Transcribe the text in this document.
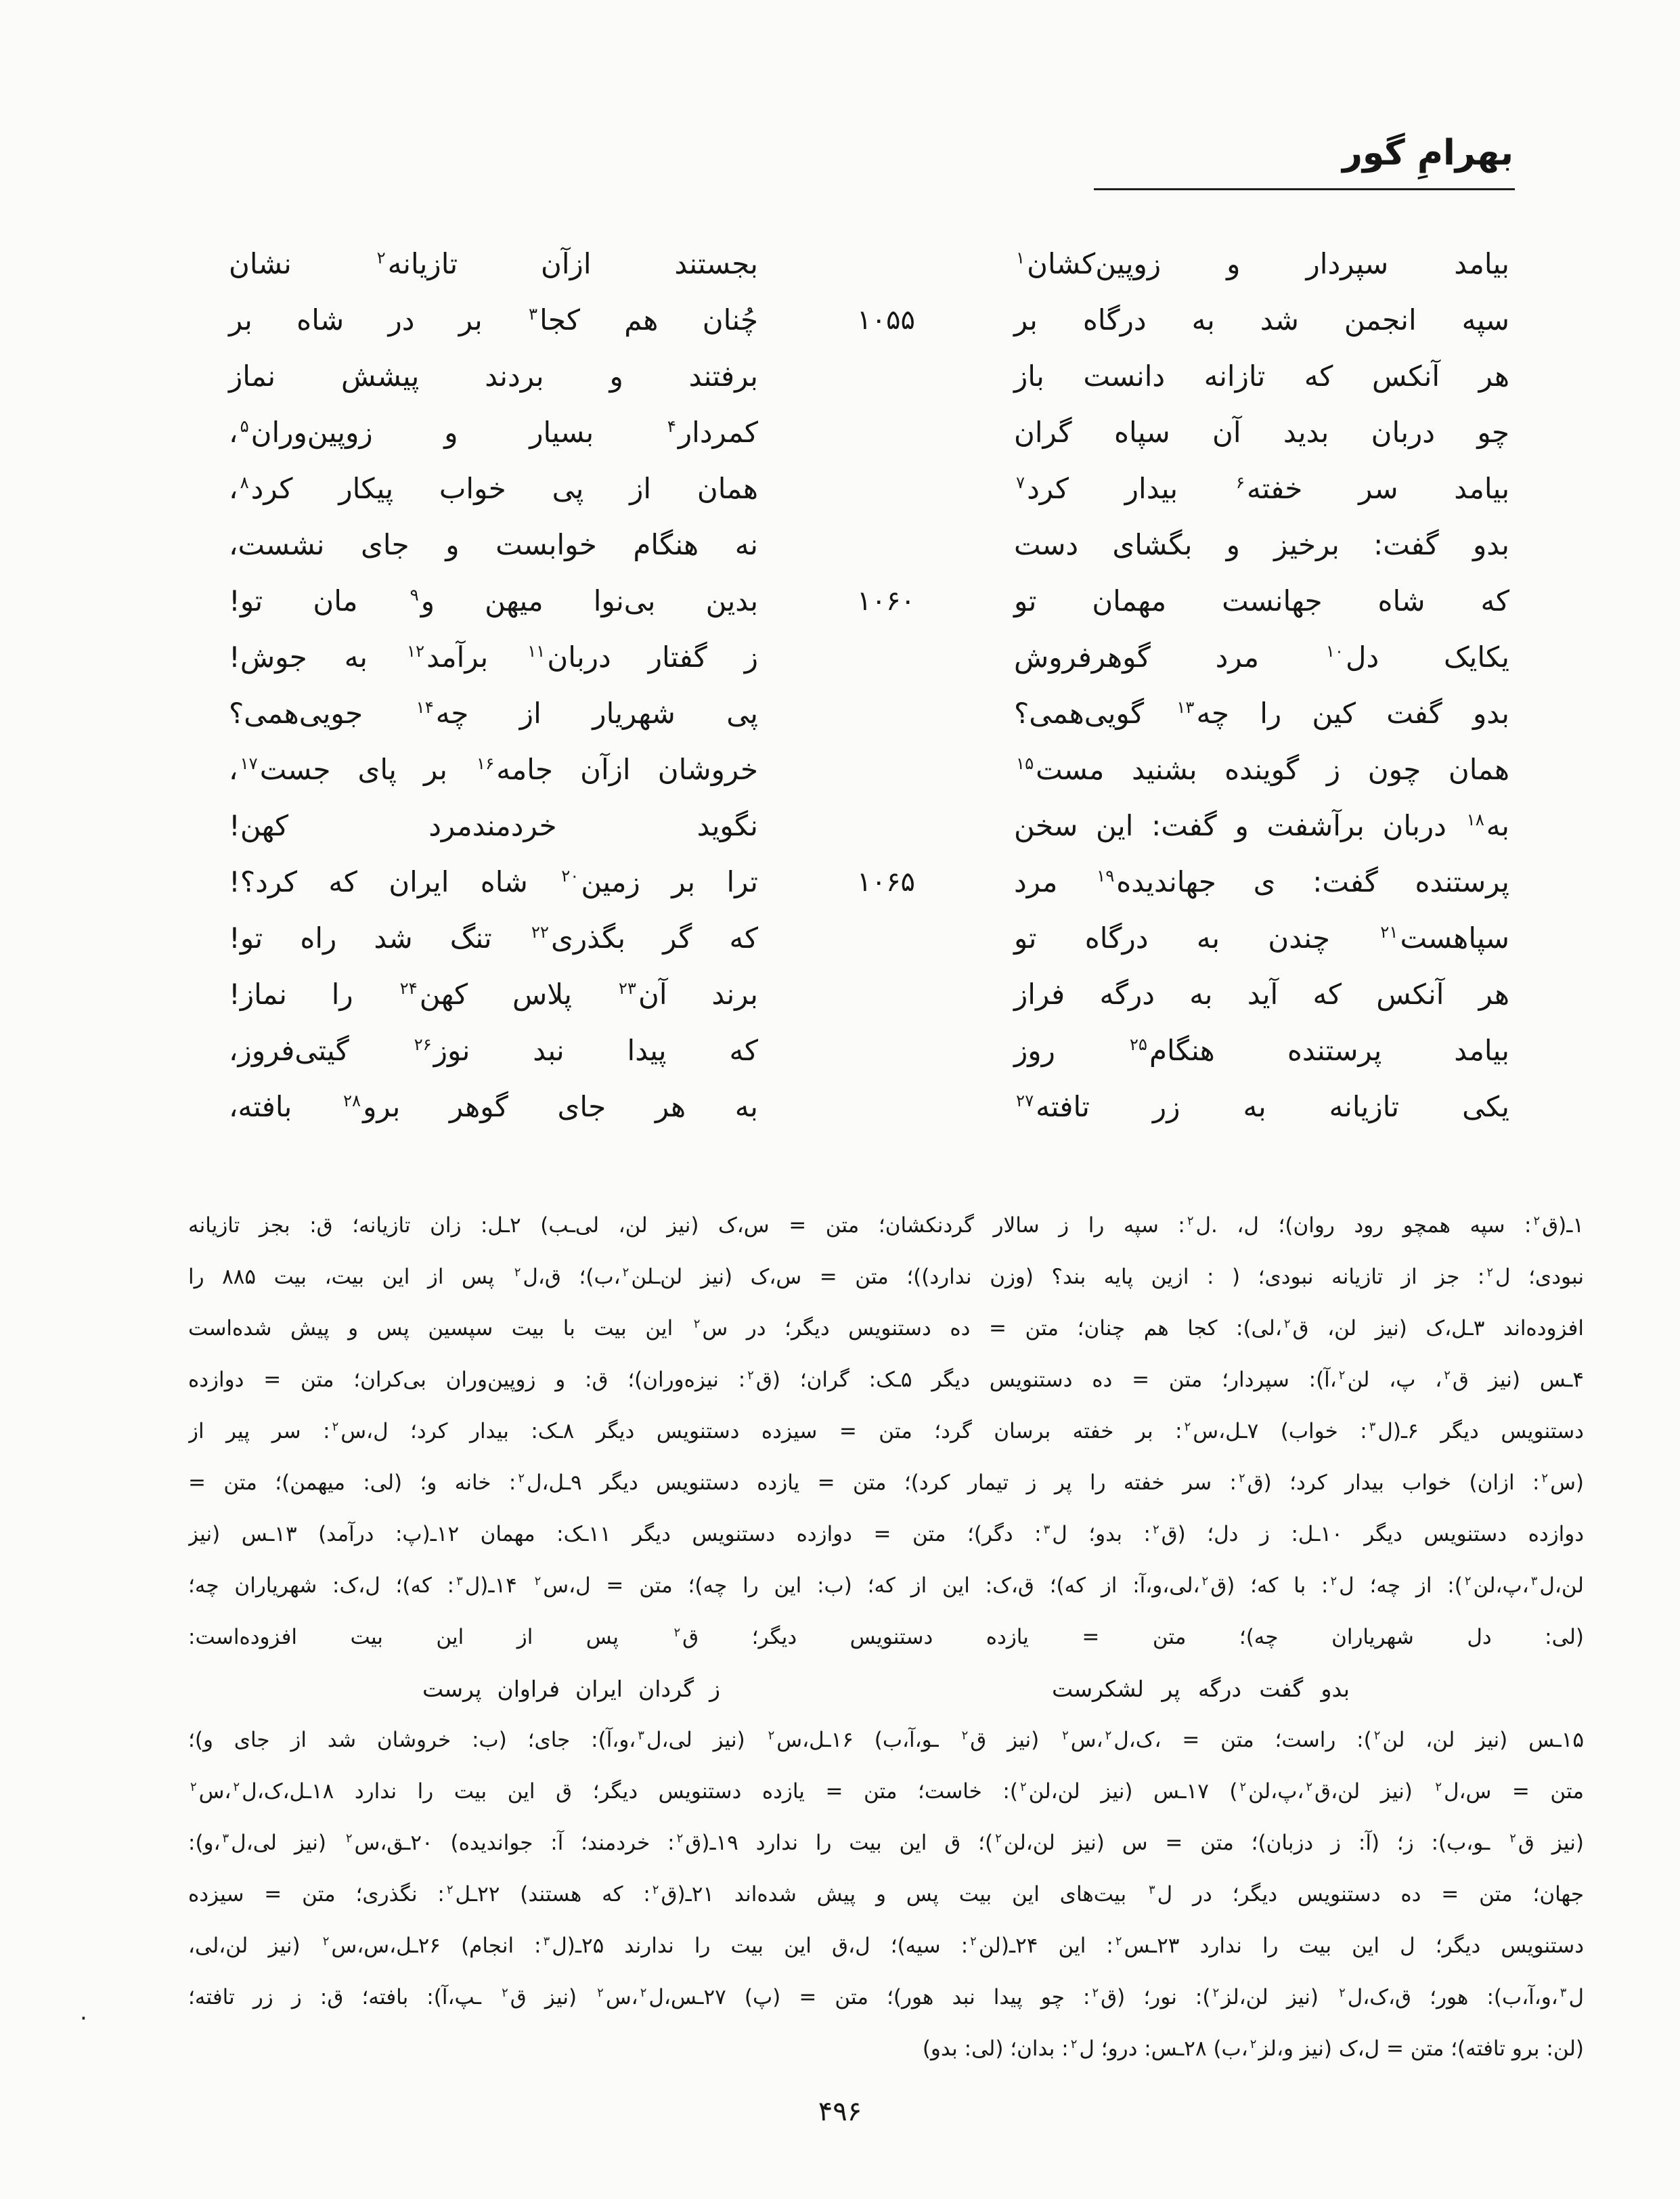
بهرامِ گور
بیامد سپردار و زوپین‌کشان$^۱$
بجستند ازآن تازیانه$^۲$ نشان
سپه انجمن شد به درگاه بر
۱۰۵۵
چُنان هم کجا$^۳$ بر در شاه بر
هر آنکس که تازانه دانست باز
برفتند و بردند پیشش نماز
چو دربان بدید آن سپاه گران
کمردار$^۴$ بسیار و زوپین‌وران$^۵$،
بیامد سر خفته$^۶$ بیدار کرد$^۷$
همان از پی خواب پیکار کرد$^۸$،
بدو گفت: برخیز و بگشای دست
نه هنگام خوابست و جای نشست،
که شاه جهانست مهمان تو
۱۰۶۰
بدین بی‌نوا میهن و$^۹$ مان تو!
یکایک دل$^{۱۰}$ مرد گوهرفروش
ز گفتار دربان$^{۱۱}$ برآمد$^{۱۲}$ به جوش!
بدو گفت کین را چه$^{۱۳}$ گویی‌همی؟
پی شهریار از چه$^{۱۴}$ جویی‌همی؟
همان چون ز گوینده بشنید مست$^{۱۵}$
خروشان ازآن جامه$^{۱۶}$ بر پای جست$^{۱۷}$،
به$^{۱۸}$ دربان برآشفت و گفت: این سخن
نگوید خردمندمرد کهن!
پرستنده گفت: ی جهاندیده$^{۱۹}$ مرد
۱۰۶۵
ترا بر زمین$^{۲۰}$ شاه ایران که کرد؟!
سپاهست$^{۲۱}$ چندن به درگاه تو
که گر بگذری$^{۲۲}$ تنگ شد راه تو!
هر آنکس که آید به درگه فراز
برند آن$^{۲۳}$ پلاس کهن$^{۲۴}$ را نماز!
بیامد پرستنده هنگام$^{۲۵}$ روز
که پیدا نبد نوز$^{۲۶}$ گیتی‌فروز،
یکی تازیانه به زر تافته$^{۲۷}$
به هر جای گوهر برو$^{۲۸}$ بافته،
۱ـ(ق$^۲$: سپه همچو رود روان)؛ ل، .ل$^۲$: سپه را ز سالار گردنکشان؛ متن = س،ک (نیز لن، لی‌ـب) ۲ـل: زان تازیانه؛ ق: بجز تازیانه
نبودی؛ ل$^۲$: جز از تازیانه نبودی؛ ( : ازین پایه بند؟ (وزن ندارد))؛ متن = س،ک (نیز لن‌ـلن$^۲$،ب)؛ ق،ل$^۲$ پس از این بیت، بیت ۸۸۵ را
افزوده‌اند ۳ـل،ک (نیز لن، ق$^۲$،لی): کجا هم چنان؛ متن = ده دستنویس دیگر؛ در س$^۲$ این بیت با بیت سپسین پس و پیش شده‌است
۴ـس (نیز ق$^۲$، پ، لن$^۲$،آ): سپردار؛ متن = ده دستنویس دیگر ۵ـک: گران؛ (ق$^۲$: نیزه‌وران)؛ ق: و زوپین‌وران بی‌کران؛ متن = دوازده
دستنویس دیگر ۶ـ(ل$^۳$: خواب) ۷ـل،س$^۲$: بر خفته برسان گرد؛ متن = سیزده دستنویس دیگر ۸ـک: بیدار کرد؛ ل،س$^۲$: سر پیر از
(س$^۲$: ازان) خواب بیدار کرد؛ (ق$^۲$: سر خفته را پر ز تیمار کرد)؛ متن = یازده دستنویس دیگر ۹ـل،ل$^۲$: خانه و؛ (لی: میهمن)؛ متن =
دوازده دستنویس دیگر ۱۰ـل: ز دل؛ (ق$^۲$: بدو؛ ل$^۳$: دگر)؛ متن = دوازده دستنویس دیگر ۱۱ـک: مهمان ۱۲ـ(پ: درآمد) ۱۳ـس (نیز
لن،ل$^۳$،پ،لن$^۲$): از چه؛ ل$^۲$: با که؛ (ق$^۲$،لی،و،آ: از که)؛ ق،ک: این از که؛ (ب: این را چه)؛ متن = ل،س$^۲$ ۱۴ـ(ل$^۳$: که)؛ ل،ک: شهریاران چه؛
(لی: دل شهریاران چه)؛ متن = یازده دستنویس دیگر؛ ق$^۲$ پس از این بیت افزوده‌است:
بدو گفت درگه پر لشکرست
ز گردان ایران فراوان پرست
۱۵ـس (نیز لن، لن$^۲$): راست؛ متن = ،ک،ل$^۲$،س$^۲$ (نیز ق$^۲$ ـو،آ،ب) ۱۶ـل،س$^۲$ (نیز لی،ل$^۳$،و،آ): جای؛ (ب: خروشان شد از جای و)؛
متن = س،ل$^۲$ (نیز لن،ق$^۲$،پ،لن$^۲$) ۱۷ـس (نیز لن،لن$^۲$): خاست؛ متن = یازده دستنویس دیگر؛ ق این بیت را ندارد ۱۸ـل،ک،ل$^۲$،س$^۲$
(نیز ق$^۲$ ـو،ب): ز؛ (آ: ز دزبان)؛ متن = س (نیز لن،لن$^۲$)؛ ق این بیت را ندارد ۱۹ـ(ق$^۲$: خردمند؛ آ: جواندیده) ۲۰ـق،س$^۲$ (نیز لی،ل$^۳$،و):
جهان؛ متن = ده دستنویس دیگر؛ در ل$^۳$ بیت‌های این بیت پس و پیش شده‌اند ۲۱ـ(ق$^۲$: که هستند) ۲۲ـل$^۲$: نگذری؛ متن = سیزده
دستنویس دیگر؛ ل این بیت را ندارد ۲۳ـس$^۲$: این ۲۴ـ(لن$^۲$: سیه)؛ ل،ق این بیت را ندارند ۲۵ـ(ل$^۳$: انجام) ۲۶ـل،س،س$^۲$ (نیز لن،لی،
ل$^۳$،و،آ،ب): هور؛ ق،ک،ل$^۲$ (نیز لن،لز$^۲$): نور؛ (ق$^۲$: چو پیدا نبد هور)؛ متن = (پ) ۲۷ـس،ل$^۲$،س$^۲$ (نیز ق$^۲$ ـپ،آ): بافته؛ ق: ز زر تافته؛
(لن: برو تافته)؛ متن = ل،ک (نیز و،لز$^۲$،ب) ۲۸ـس: درو؛ ل$^۲$: بدان؛ (لی: بدو)
۴۹۶
.
